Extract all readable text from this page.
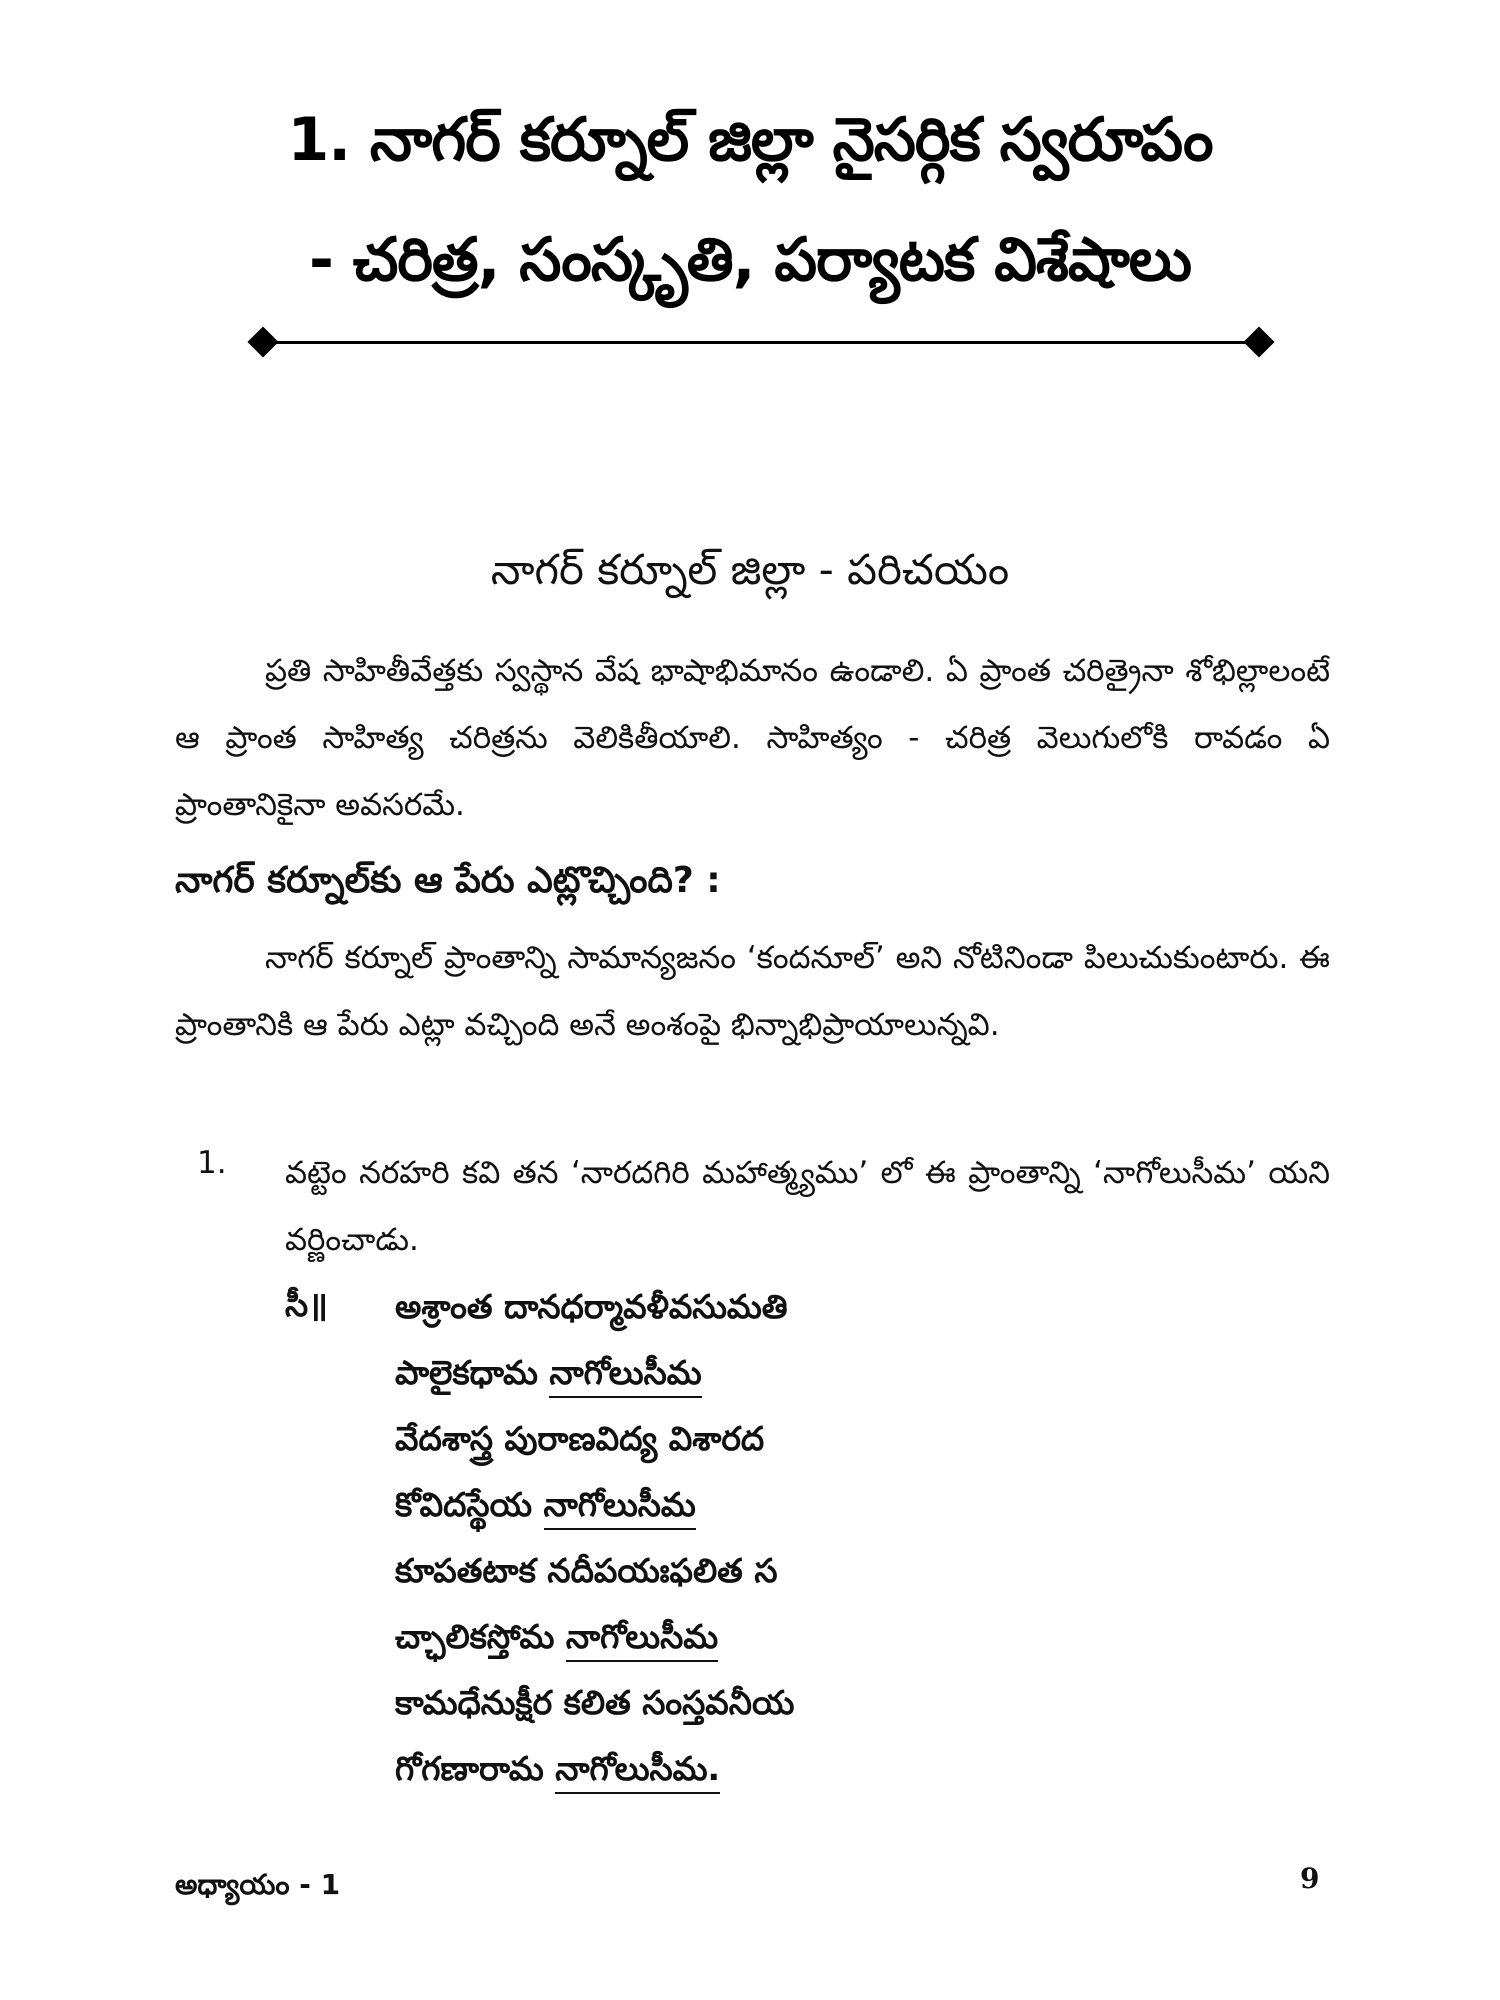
1. నాగర్ కర్నూల్ జిల్లా నైసర్గిక స్వరూపం
- చరిత్ర, సంస్కృతి, పర్యాటక విశేషాలు
నాగర్ కర్నూల్ జిల్లా - పరిచయం
ప్రతి సాహితీవేత్తకు స్వస్థాన వేష భాషాభిమానం ఉండాలి. ఏ ప్రాంత చరిత్రైనా శోభిల్లాలంటే ఆ ప్రాంత సాహిత్య చరిత్రను వెలికితీయాలి. సాహిత్యం - చరిత్ర వెలుగులోకి రావడం ఏ ప్రాంతానికైనా అవసరమే.
నాగర్ కర్నూల్‌కు ఆ పేరు ఎట్లొచ్చింది? :
నాగర్ కర్నూల్ ప్రాంతాన్ని సామాన్యజనం ‘కందనూల్’ అని నోటినిండా పిలుచుకుంటారు. ఈ ప్రాంతానికి ఆ పేరు ఎట్లా వచ్చింది అనే అంశంపై భిన్నాభిప్రాయాలున్నవి.
1. వట్టెం నరహరి కవి తన ‘నారదగిరి మహాత్మ్యము’ లో ఈ ప్రాంతాన్ని ‘నాగోలుసీమ’ యని వర్ణించాడు.
సీ॥ అశ్రాంత దానధర్మావళీవసుమతి
పాలైకధామ నాగోలుసీమ
వేదశాస్త్ర పురాణవిద్య విశారద
కోవిదస్థేయ నాగోలుసీమ
కూపతటాక నదీపయఃఫలిత స
చ్ఛాలికస్తోమ నాగోలుసీమ
కామధేనుక్షీర కలిత సంస్తవనీయ
గోగణారామ నాగోలుసీమ.
అధ్యాయం - 1	9
